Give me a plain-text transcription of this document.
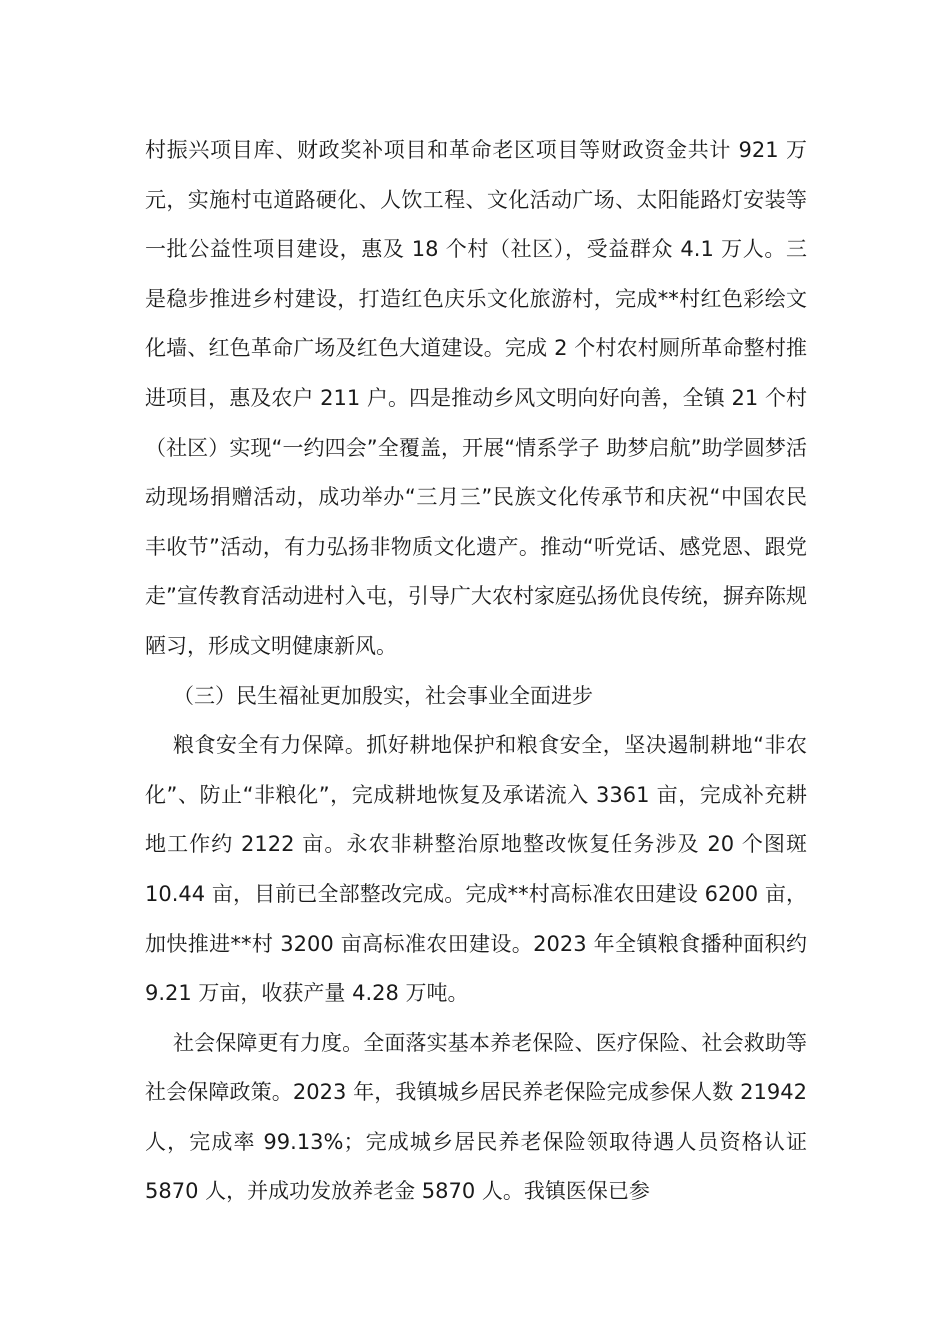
村振兴项目库、财政奖补项目和革命老区项目等财政资金共计 921 万元，实施村屯道路硬化、人饮工程、文化活动广场、太阳能路灯安装等一批公益性项目建设，惠及 18 个村（社区），受益群众 4.1 万人。三是稳步推进乡村建设，打造红色庆乐文化旅游村，完成**村红色彩绘文化墙、红色革命广场及红色大道建设。完成 2 个村农村厕所革命整村推进项目，惠及农户 211 户。四是推动乡风文明向好向善，全镇 21 个村（社区）实现“一约四会”全覆盖，开展“情系学子 助梦启航”助学圆梦活动现场捐赠活动，成功举办“三月三”民族文化传承节和庆祝“中国农民丰收节”活动，有力弘扬非物质文化遗产。推动“听党话、感党恩、跟党走”宣传教育活动进村入屯，引导广大农村家庭弘扬优良传统，摒弃陈规陋习，形成文明健康新风。

（三）民生福祉更加殷实，社会事业全面进步

粮食安全有力保障。抓好耕地保护和粮食安全，坚决遏制耕地“非农化”、防止“非粮化”，完成耕地恢复及承诺流入 3361 亩，完成补充耕地工作约 2122 亩。永农非耕整治原地整改恢复任务涉及 20 个图斑 10.44 亩，目前已全部整改完成。完成**村高标准农田建设 6200 亩，加快推进**村 3200 亩高标准农田建设。2023 年全镇粮食播种面积约 9.21 万亩，收获产量 4.28 万吨。

社会保障更有力度。全面落实基本养老保险、医疗保险、社会救助等社会保障政策。2023 年，我镇城乡居民养老保险完成参保人数 21942 人，完成率 99.13%；完成城乡居民养老保险领取待遇人员资格认证 5870 人，并成功发放养老金 5870 人。我镇医保已参
